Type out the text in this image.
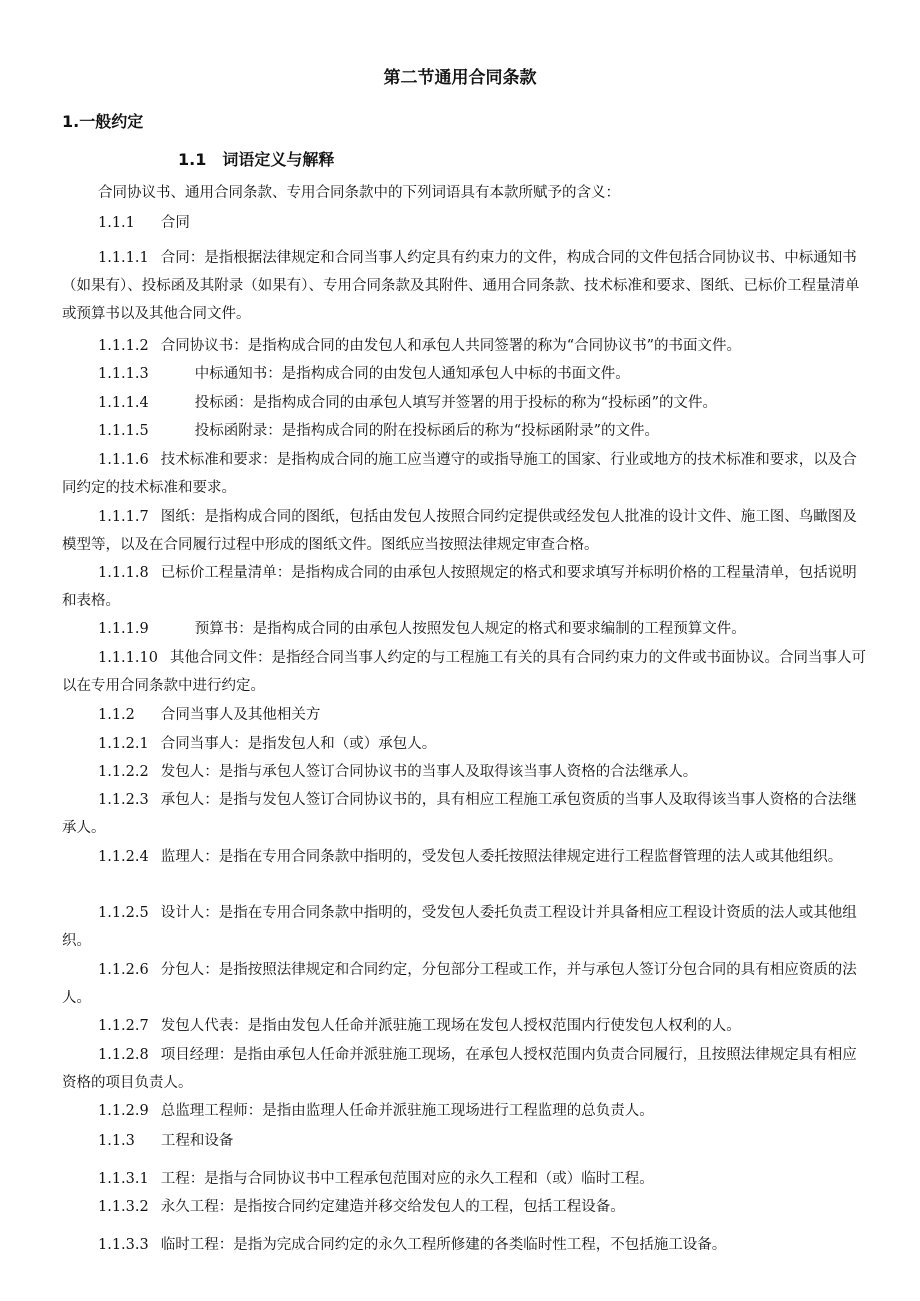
第二节通用合同条款
1.一般约定
1.1　词语定义与解释
合同协议书、通用合同条款、专用合同条款中的下列词语具有本款所赋予的含义：
1.1.1 合同
1.1.1.1 合同：是指根据法律规定和合同当事人约定具有约束力的文件，构成合同的文件包括合同协议书、中标通知书（如果有）、投标函及其附录（如果有）、专用合同条款及其附件、通用合同条款、技术标准和要求、图纸、已标价工程量清单或预算书以及其他合同文件。
1.1.1.2 合同协议书：是指构成合同的由发包人和承包人共同签署的称为“合同协议书”的书面文件。
1.1.1.3	中标通知书：是指构成合同的由发包人通知承包人中标的书面文件。
1.1.1.4	投标函：是指构成合同的由承包人填写并签署的用于投标的称为“投标函”的文件。
1.1.1.5	投标函附录：是指构成合同的附在投标函后的称为“投标函附录”的文件。
1.1.1.6 技术标准和要求：是指构成合同的施工应当遵守的或指导施工的国家、行业或地方的技术标准和要求，以及合同约定的技术标准和要求。
1.1.1.7 图纸：是指构成合同的图纸，包括由发包人按照合同约定提供或经发包人批准的设计文件、施工图、鸟瞰图及模型等，以及在合同履行过程中形成的图纸文件。图纸应当按照法律规定审查合格。
1.1.1.8 已标价工程量清单：是指构成合同的由承包人按照规定的格式和要求填写并标明价格的工程量清单，包括说明和表格。
1.1.1.9	预算书：是指构成合同的由承包人按照发包人规定的格式和要求编制的工程预算文件。
1.1.1.10 其他合同文件：是指经合同当事人约定的与工程施工有关的具有合同约束力的文件或书面协议。合同当事人可以在专用合同条款中进行约定。
1.1.2 合同当事人及其他相关方
1.1.2.1 合同当事人：是指发包人和（或）承包人。
1.1.2.2 发包人：是指与承包人签订合同协议书的当事人及取得该当事人资格的合法继承人。
1.1.2.3 承包人：是指与发包人签订合同协议书的，具有相应工程施工承包资质的当事人及取得该当事人资格的合法继承人。
1.1.2.4 监理人：是指在专用合同条款中指明的，受发包人委托按照法律规定进行工程监督管理的法人或其他组织。
1.1.2.5 设计人：是指在专用合同条款中指明的，受发包人委托负责工程设计并具备相应工程设计资质的法人或其他组织。
1.1.2.6 分包人：是指按照法律规定和合同约定，分包部分工程或工作，并与承包人签订分包合同的具有相应资质的法人。
1.1.2.7 发包人代表：是指由发包人任命并派驻施工现场在发包人授权范围内行使发包人权利的人。
1.1.2.8 项目经理：是指由承包人任命并派驻施工现场，在承包人授权范围内负责合同履行，且按照法律规定具有相应资格的项目负责人。
1.1.2.9 总监理工程师：是指由监理人任命并派驻施工现场进行工程监理的总负责人。
1.1.3 工程和设备
1.1.3.1 工程：是指与合同协议书中工程承包范围对应的永久工程和（或）临时工程。
1.1.3.2 永久工程：是指按合同约定建造并移交给发包人的工程，包括工程设备。
1.1.3.3 临时工程：是指为完成合同约定的永久工程所修建的各类临时性工程，不包括施工设备。
